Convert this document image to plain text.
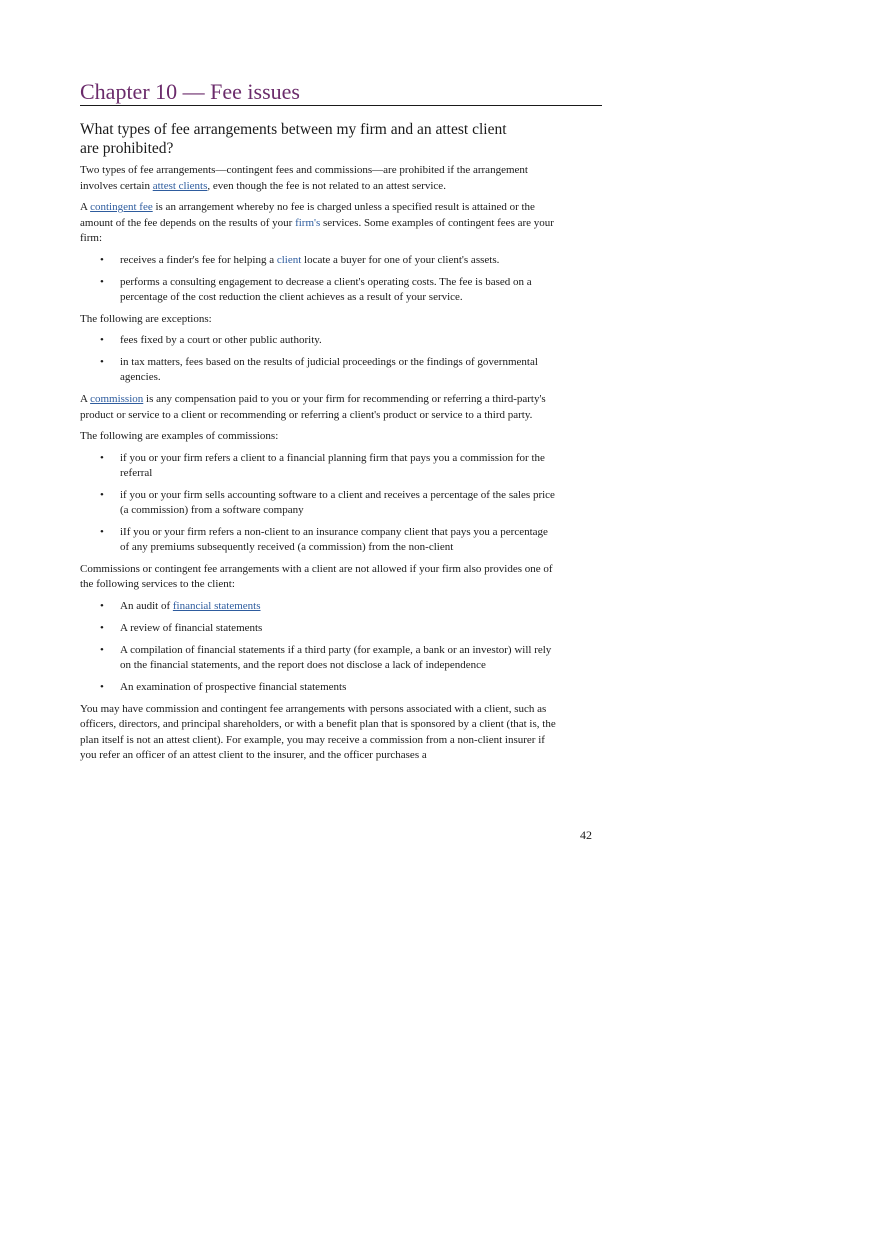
Chapter 10 — Fee issues
What types of fee arrangements between my firm and an attest client are prohibited?

Two types of fee arrangements—contingent fees and commissions—are prohibited if the arrangement involves certain attest clients, even though the fee is not related to an attest service.

A contingent fee is an arrangement whereby no fee is charged unless a specified result is attained or the amount of the fee depends on the results of your firm's services. Some examples of contingent fees are your firm:

• receives a finder's fee for helping a client locate a buyer for one of your client's assets.
• performs a consulting engagement to decrease a client's operating costs. The fee is based on a percentage of the cost reduction the client achieves as a result of your service.

The following are exceptions:

• fees fixed by a court or other public authority.
• in tax matters, fees based on the results of judicial proceedings or the findings of governmental agencies.

A commission is any compensation paid to you or your firm for recommending or referring a third-party's product or service to a client or recommending or referring a client's product or service to a third party.

The following are examples of commissions:

• if you or your firm refers a client to a financial planning firm that pays you a commission for the referral
• if you or your firm sells accounting software to a client and receives a percentage of the sales price (a commission) from a software company
• iIf you or your firm refers a non-client to an insurance company client that pays you a percentage of any premiums subsequently received (a commission) from the non-client

Commissions or contingent fee arrangements with a client are not allowed if your firm also provides one of the following services to the client:

• An audit of financial statements
• A review of financial statements
• A compilation of financial statements if a third party (for example, a bank or an investor) will rely on the financial statements, and the report does not disclose a lack of independence
• An examination of prospective financial statements

You may have commission and contingent fee arrangements with persons associated with a client, such as officers, directors, and principal shareholders, or with a benefit plan that is sponsored by a client (that is, the plan itself is not an attest client). For example, you may receive a commission from a non-client insurer if you refer an officer of an attest client to the insurer, and the officer purchases a

42
